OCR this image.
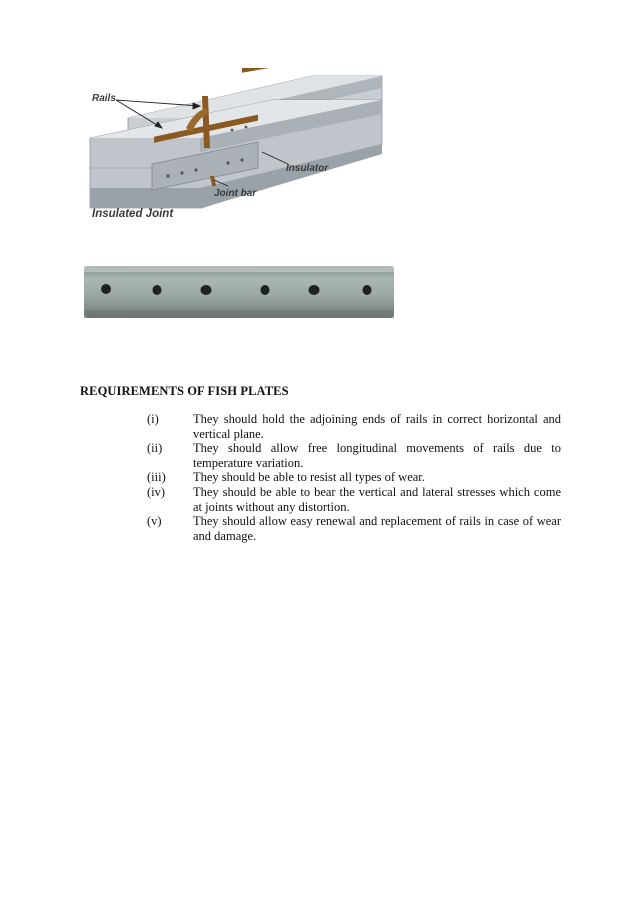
Rails
Insulator
Joint bar
Insulated Joint
REQUIREMENTS OF FISH PLATES
(i)	They should hold the adjoining ends of rails in correct horizontal and vertical plane.
(ii)	They should allow free longitudinal movements of rails due to temperature variation.
(iii)	They should be able to resist all types of wear.
(iv)	They should be able to bear the vertical and lateral stresses which come at joints without any distortion.
(v)	They should allow easy renewal and replacement of rails in case of wear and damage.
